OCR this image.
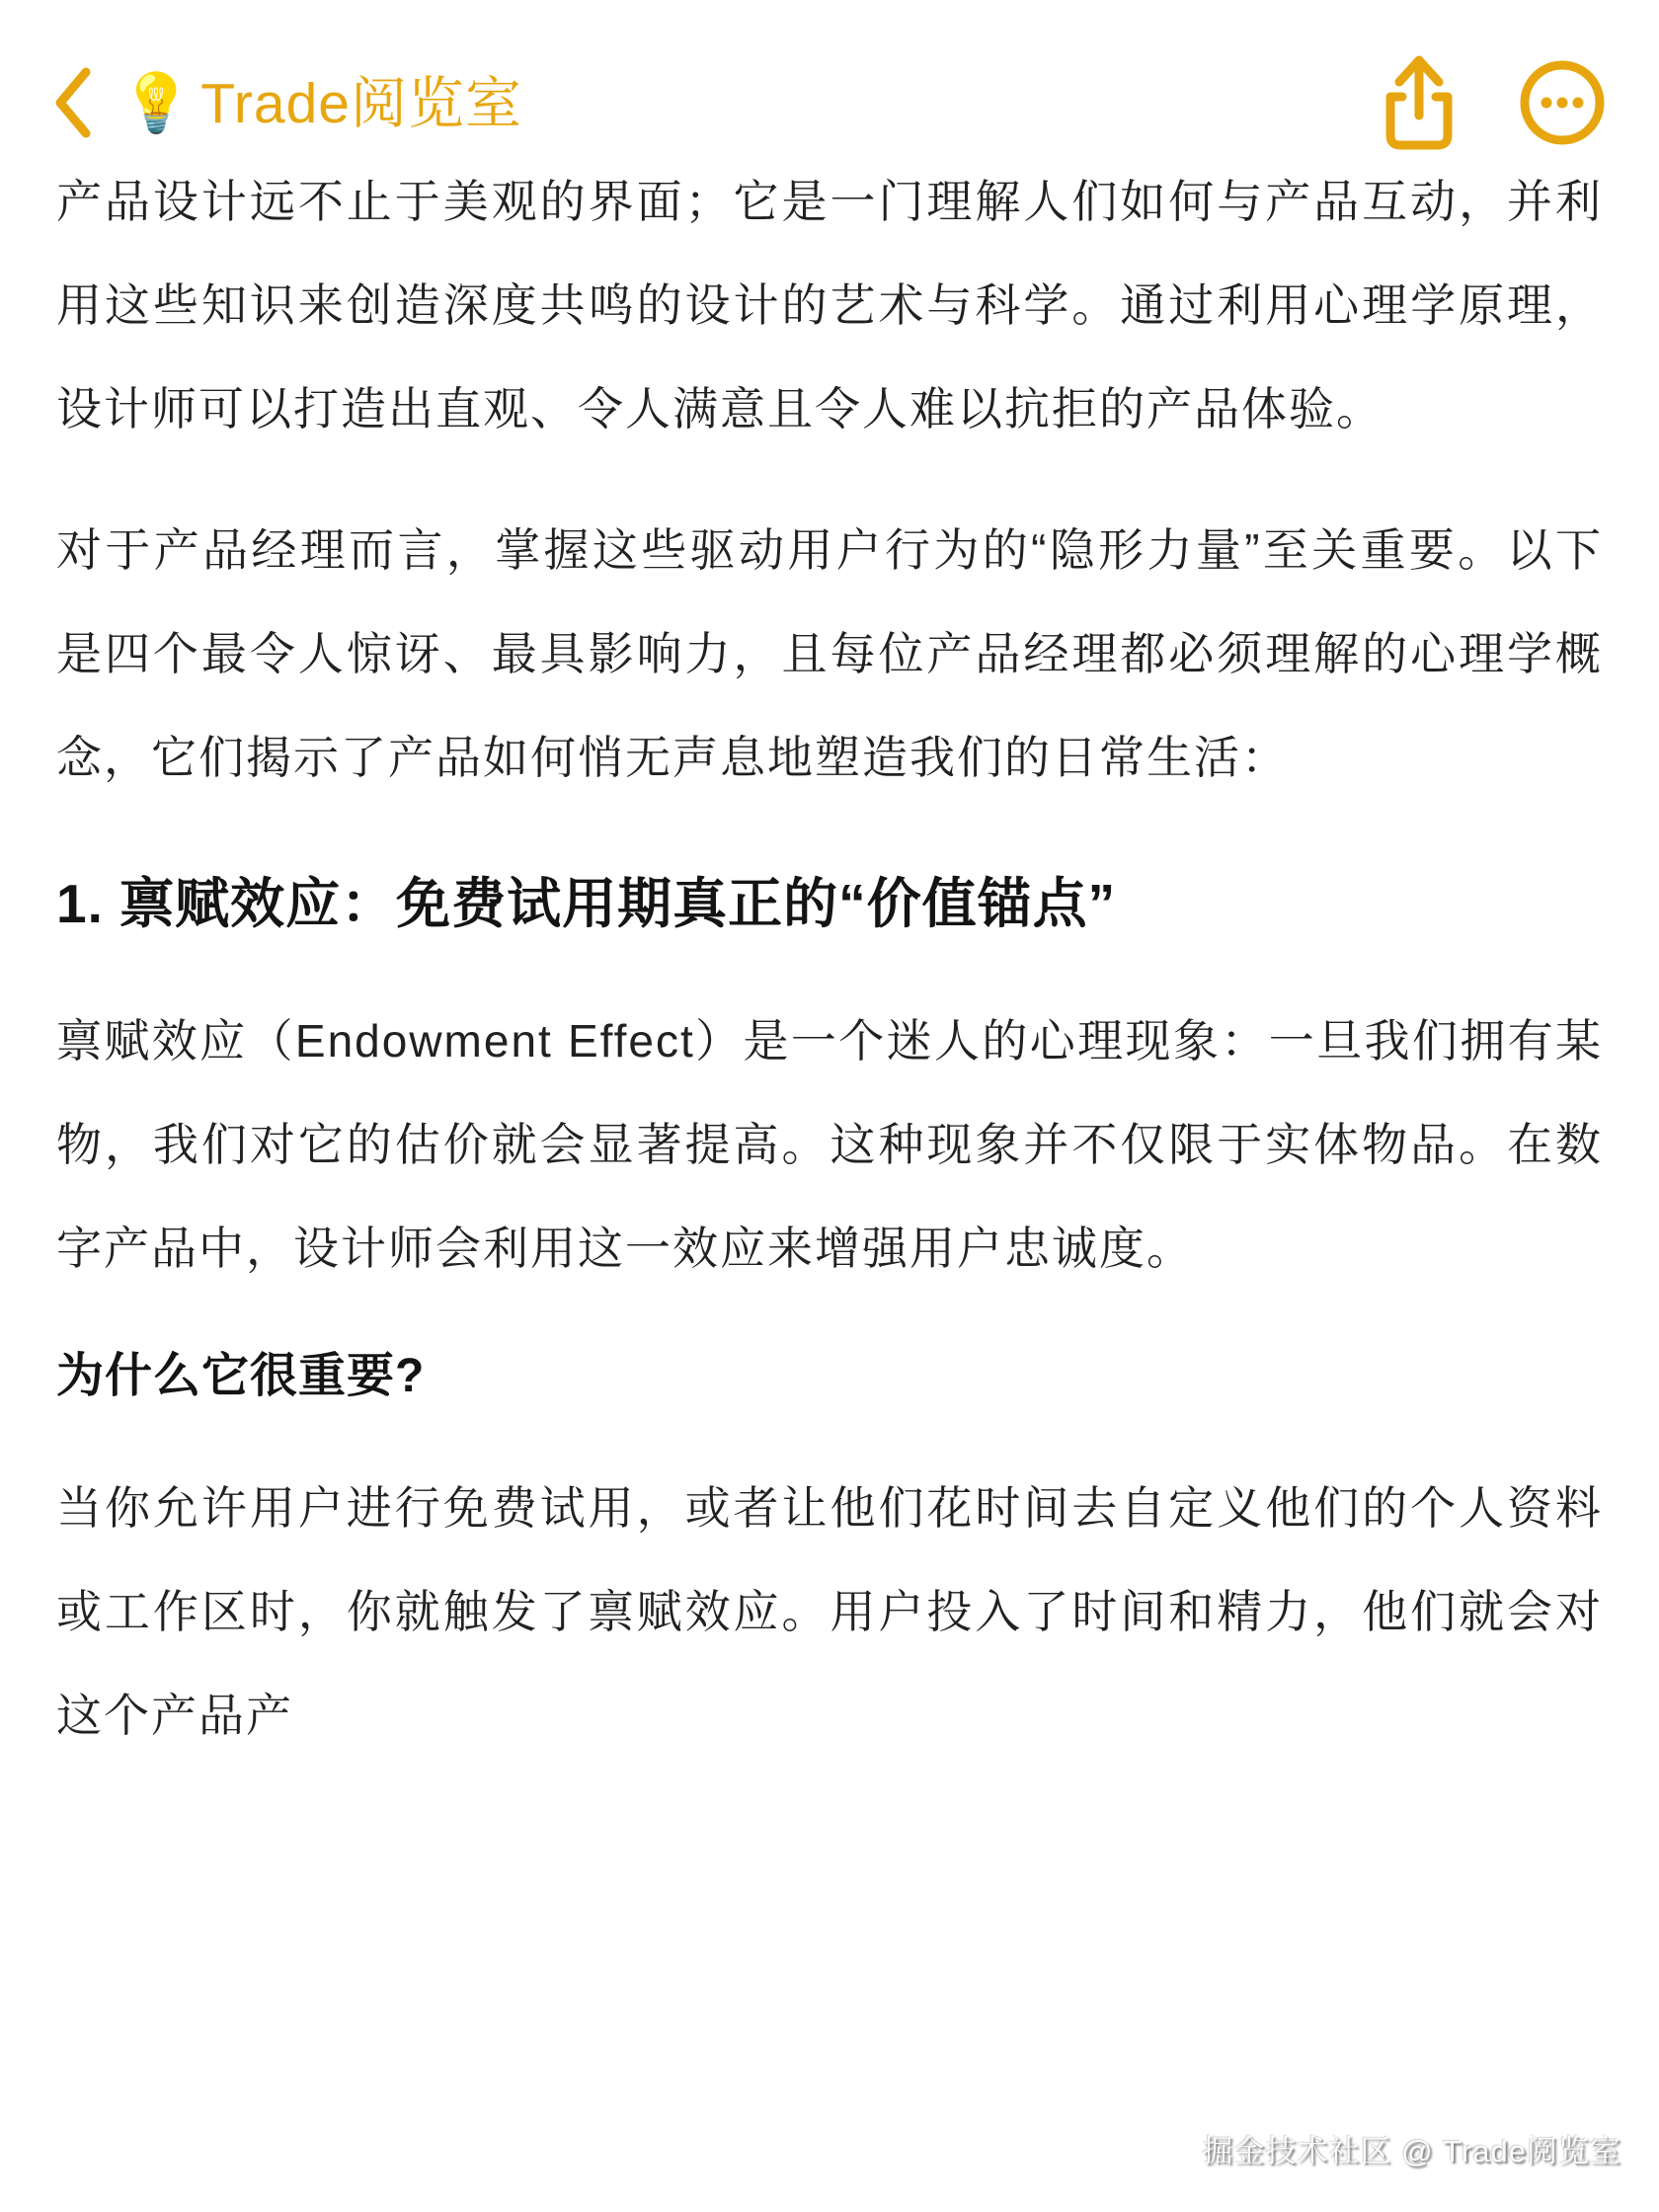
💡 Trade阅览室

产品设计远不止于美观的界面；它是一门理解人们如何与产品互动，并利用这些知识来创造深度共鸣的设计的艺术与科学。通过利用心理学原理，设计师可以打造出直观、令人满意且令人难以抗拒的产品体验。

对于产品经理而言，掌握这些驱动用户行为的“隐形力量”至关重要。以下是四个最令人惊讶、最具影响力，且每位产品经理都必须理解的心理学概念，它们揭示了产品如何悄无声息地塑造我们的日常生活：

1. 禀赋效应：免费试用期真正的“价值锚点”

禀赋效应（Endowment Effect）是一个迷人的心理现象：一旦我们拥有某物，我们对它的估价就会显著提高。这种现象并不仅限于实体物品。在数字产品中，设计师会利用这一效应来增强用户忠诚度。

为什么它很重要?

当你允许用户进行免费试用，或者让他们花时间去自定义他们的个人资料或工作区时，你就触发了禀赋效应。用户投入了时间和精力，他们就会对这个产品产

掘金技术社区 @ Trade阅览室
